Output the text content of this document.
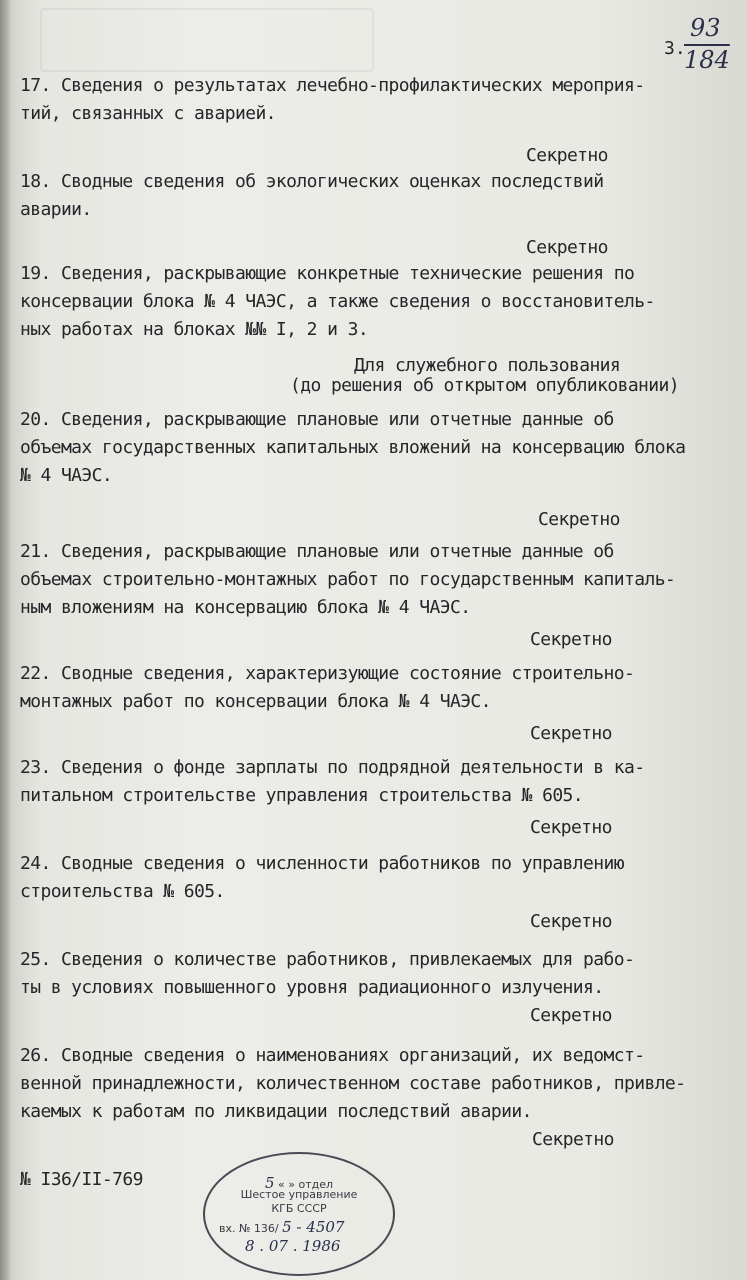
3.
93
184
17. Сведения о результатах лечебно-профилактических мероприя-
тий, связанных с аварией.
Секретно
18. Сводные сведения об экологических оценках последствий
аварии.
Секретно
19. Сведения, раскрывающие конкретные технические решения по
консервации блока № 4 ЧАЭС, а также сведения о восстановитель-
ных работах на блоках №№ I, 2 и 3.
Для служебного пользования
(до решения об открытом опубликовании)
20. Сведения, раскрывающие плановые или отчетные данные об
объемах государственных капитальных вложений на консервацию блока
№ 4 ЧАЭС.
Секретно
21. Сведения, раскрывающие плановые или отчетные данные об
объемах строительно-монтажных работ по государственным капиталь-
ным вложениям на консервацию блока № 4 ЧАЭС.
Секретно
22. Сводные сведения, характеризующие состояние строительно-
монтажных работ по консервации блока № 4 ЧАЭС.
Секретно
23. Сведения о фонде зарплаты по подрядной деятельности в ка-
питальном строительстве управления строительства № 605.
Секретно
24. Сводные сведения о численности работников по управлению
строительства № 605.
Секретно
25. Сведения о количестве работников, привлекаемых для рабо-
ты в условиях повышенного уровня радиационного излучения.
Секретно
26. Сводные сведения о наименованиях организаций, их ведомст-
венной принадлежности, количественном составе работников, привле-
каемых к работам по ликвидации последствий аварии.
Секретно
№ I36/II-769	5 « » отдел
Шестое управление
КГБ СССР
вх. № 136/ 5 - 4507
8 . 07 . 1986
